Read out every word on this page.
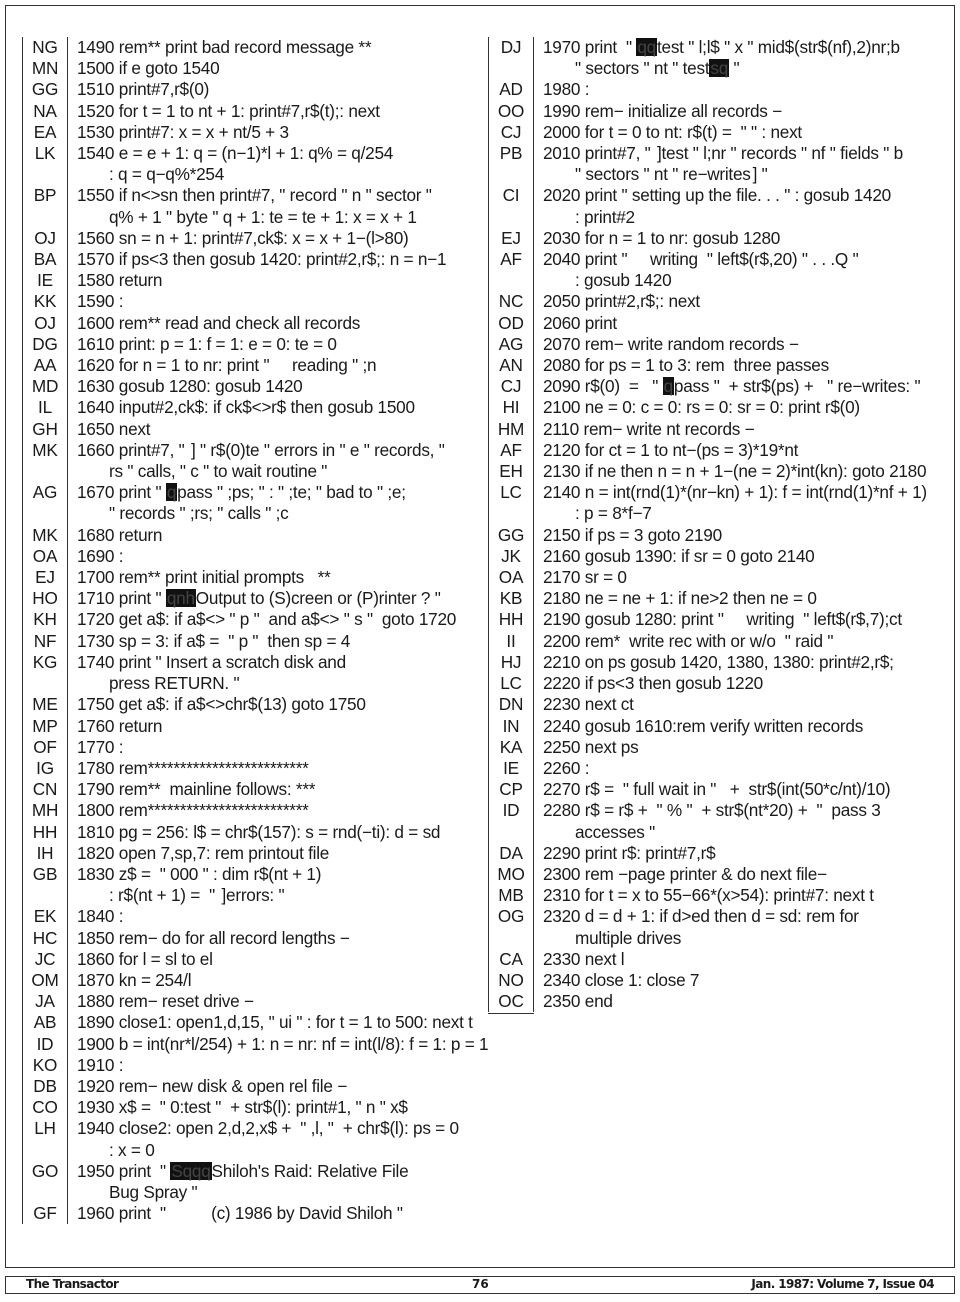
NG	1490 rem** print bad record message **
MN	1500 if e goto 1540
GG	1510 print#7,r$(0)
NA	1520 for t = 1 to nt + 1: print#7,r$(t);: next
EA	1530 print#7: x = x + nt/5 + 3
LK	1540 e = e + 1: q = (n−1)*l + 1: q% = q/254
: q = q−q%*254
BP	1550 if n<>sn then print#7, " record " n " sector "
q% + 1 " byte " q + 1: te = te + 1: x = x + 1
OJ	1560 sn = n + 1: print#7,ck$: x = x + 1−(l>80)
BA	1570 if ps<3 then gosub 1420: print#2,r$;: n = n−1
IE	1580 return
KK	1590 :
OJ	1600 rem** read and check all records
DG	1610 print: p = 1: f = 1: e = 0: te = 0
AA	1620 for n = 1 to nr: print "     reading " ;n
MD	1630 gosub 1280: gosub 1420
IL	1640 input#2,ck$: if ck$<>r$ then gosub 1500
GH	1650 next
MK	1660 print#7, " ] " r$(0)te " errors in " e " records, "
rs " calls, " c " to wait routine "
AG	1670 print " qpass " ;ps; " : " ;te; " bad to " ;e;
" records " ;rs; " calls " ;c
MK	1680 return
OA	1690 :
EJ	1700 rem** print initial prompts   **
HO	1710 print " qnhOutput to (S)creen or (P)rinter ? "
KH	1720 get a$: if a$<> " p "  and a$<> " s "  goto 1720
NF	1730 sp = 3: if a$ =  " p "  then sp = 4
KG	1740 print " Insert a scratch disk and
press RETURN. "
ME	1750 get a$: if a$<>chr$(13) goto 1750
MP	1760 return
OF	1770 :
IG	1780 rem*************************
CN	1790 rem**  mainline follows: ***
MH	1800 rem*************************
HH	1810 pg = 256: l$ = chr$(157): s = rnd(−ti): d = sd
IH	1820 open 7,sp,7: rem printout file
GB	1830 z$ =  " 000 " : dim r$(nt + 1)
: r$(nt + 1) =  " ]errors: "
EK	1840 :
HC	1850 rem− do for all record lengths −
JC	1860 for l = sl to el
OM	1870 kn = 254/l
JA	1880 rem− reset drive −
AB	1890 close1: open1,d,15, " ui " : for t = 1 to 500: next t
ID	1900 b = int(nr*l/254) + 1: n = nr: nf = int(l/8): f = 1: p = 1
KO	1910 :
DB	1920 rem− new disk & open rel file −
CO	1930 x$ =  " 0:test "  + str$(l): print#1, " n " x$
LH	1940 close2: open 2,d,2,x$ +  " ,l, "  + chr$(l): ps = 0
: x = 0
GO	1950 print  " SqqqShiloh's Raid: Relative File
Bug Spray "
GF	1960 print  "          (c) 1986 by David Shiloh "
DJ	1970 print  " qqtest " l;l$ " x " mid$(str$(nf),2)nr;b
" sectors " nt " testsq "
AD	1980 :
OO	1990 rem− initialize all records −
CJ	2000 for t = 0 to nt: r$(t) =  " " : next
PB	2010 print#7, " ]test " l;nr " records " nf " fields " b
" sectors " nt " re−writes ] "
CI	2020 print " setting up the file. . . " : gosub 1420
: print#2
EJ	2030 for n = 1 to nr: gosub 1280
AF	2040 print "     writing  " left$(r$,20) " . . .Q "
: gosub 1420
NC	2050 print#2,r$;: next
OD	2060 print
AG	2070 rem− write random records −
AN	2080 for ps = 1 to 3: rem  three passes
CJ	2090 r$(0)  =   " qpass "  + str$(ps) +   " re−writes: "
HI	2100 ne = 0: c = 0: rs = 0: sr = 0: print r$(0)
HM	2110 rem− write nt records −
AF	2120 for ct = 1 to nt−(ps = 3)*19*nt
EH	2130 if ne then n = n + 1−(ne = 2)*int(kn): goto 2180
LC	2140 n = int(rnd(1)*(nr−kn) + 1): f = int(rnd(1)*nf + 1)
: p = 8*f−7
GG	2150 if ps = 3 goto 2190
JK	2160 gosub 1390: if sr = 0 goto 2140
OA	2170 sr = 0
KB	2180 ne = ne + 1: if ne>2 then ne = 0
HH	2190 gosub 1280: print "     writing  " left$(r$,7);ct
II	2200 rem*  write rec with or w/o  " raid "
HJ	2210 on ps gosub 1420, 1380, 1380: print#2,r$;
LC	2220 if ps<3 then gosub 1220
DN	2230 next ct
IN	2240 gosub 1610:rem verify written records
KA	2250 next ps
IE	2260 :
CP	2270 r$ =  " full wait in "   +  str$(int(50*c/nt)/10)
ID	2280 r$ = r$ +  " % "  + str$(nt*20) +  "  pass 3
accesses "
DA	2290 print r$: print#7,r$
MO	2300 rem −page printer & do next file−
MB	2310 for t = x to 55−66*(x>54): print#7: next t
OG	2320 d = d + 1: if d>ed then d = sd: rem for
multiple drives
CA	2330 next l
NO	2340 close 1: close 7
OC	2350 end
The Transactor	76	Jan. 1987: Volume 7, Issue 04
